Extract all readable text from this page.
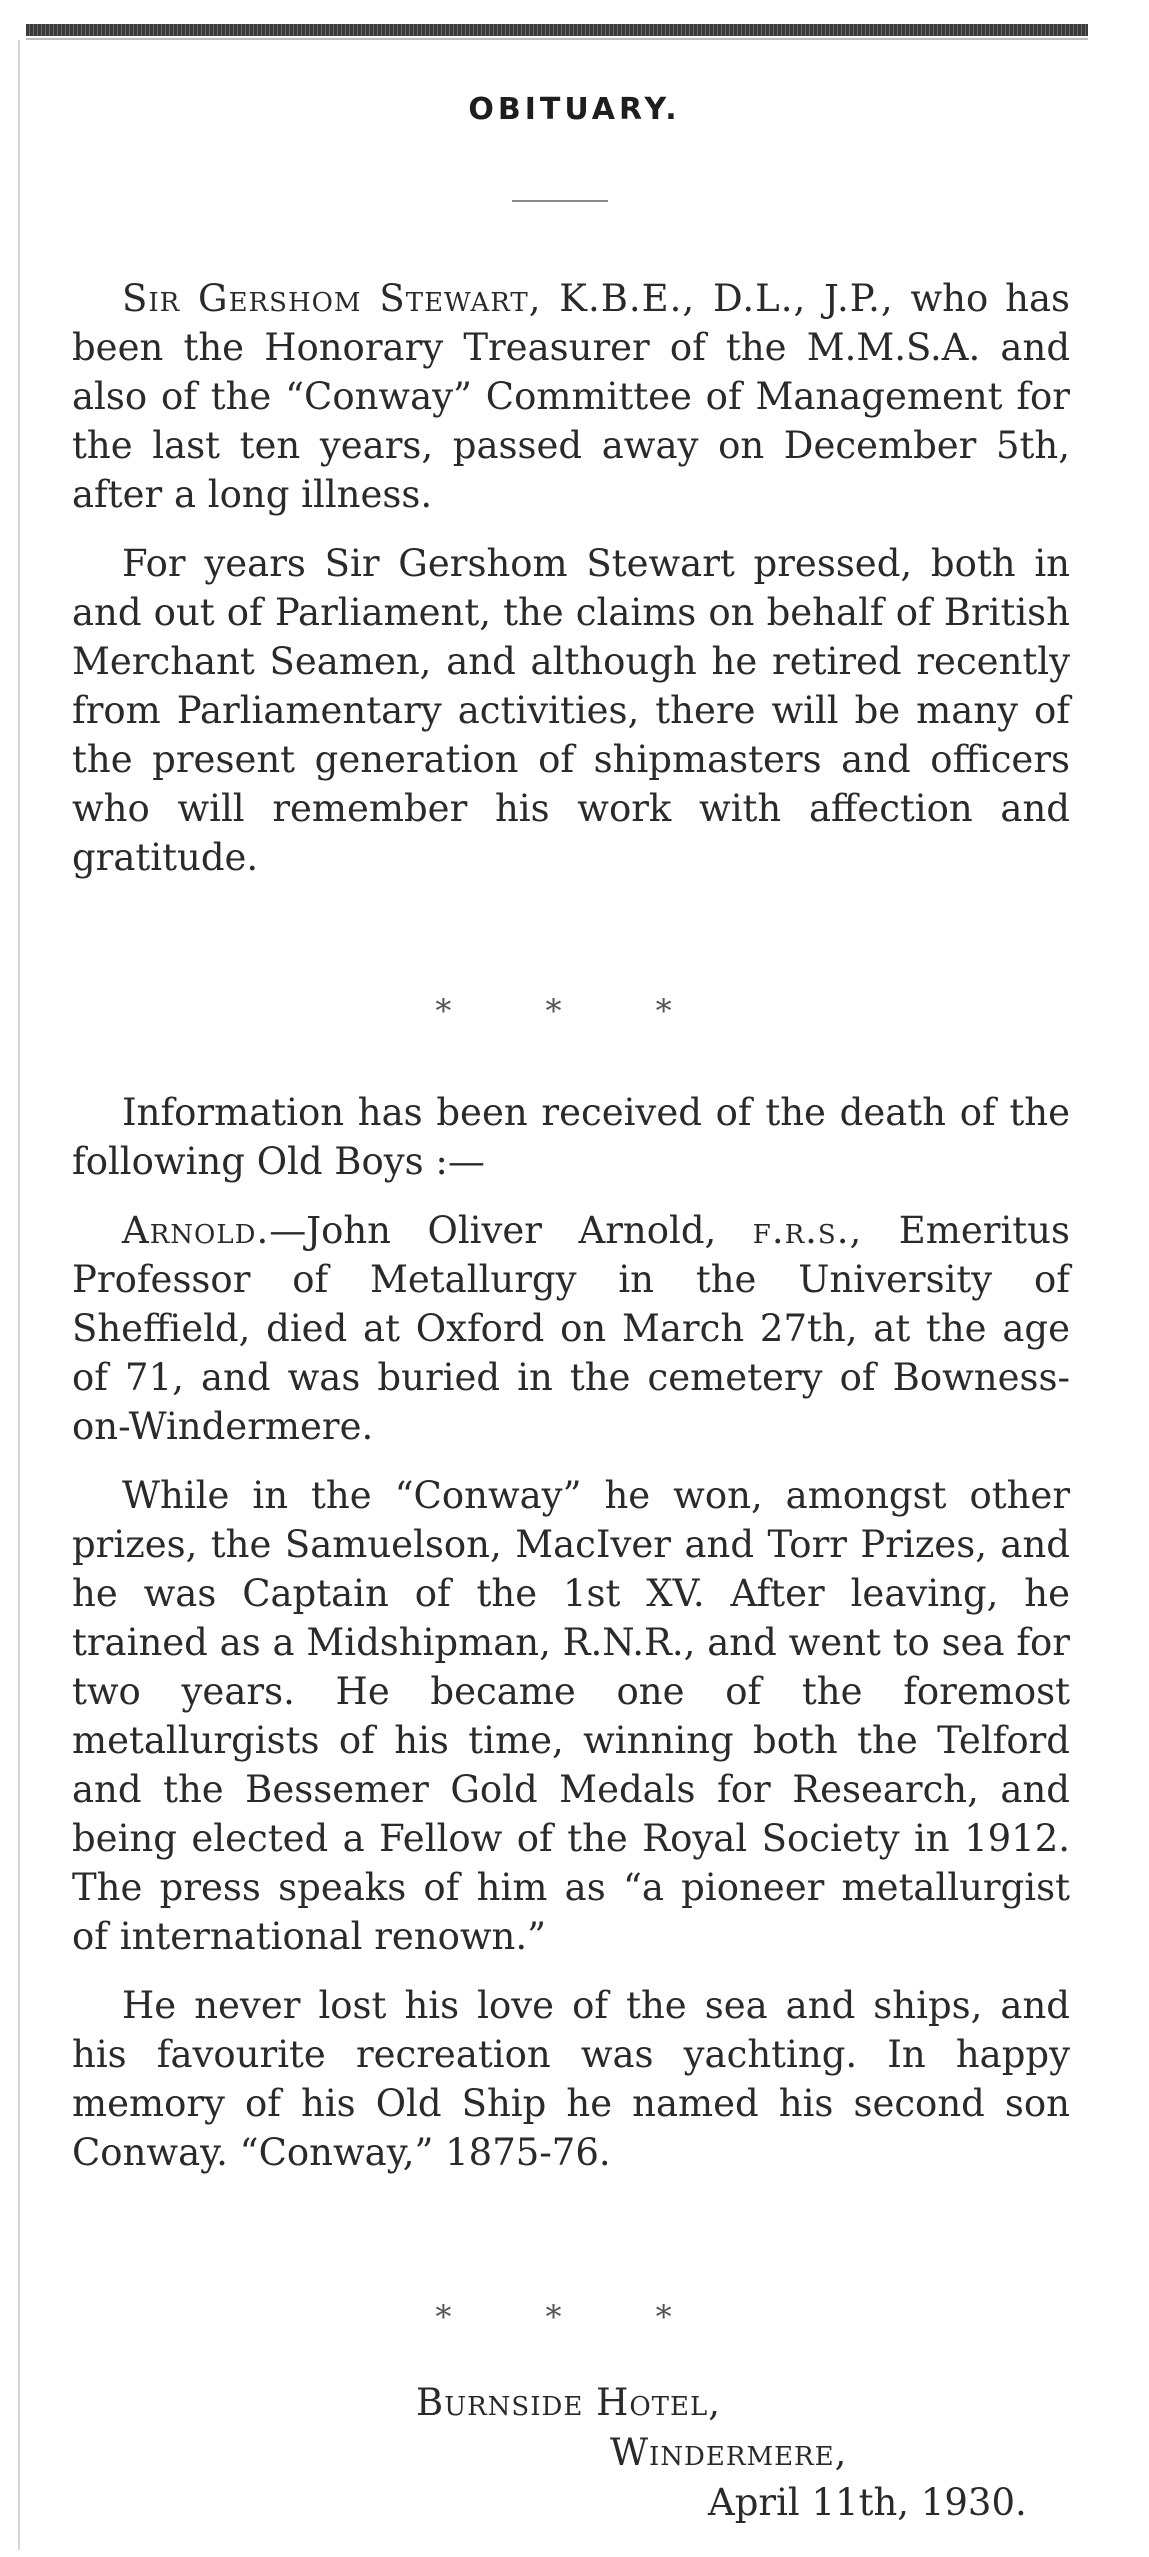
OBITUARY.

Sir Gershom Stewart, K.B.E., D.L., J.P., who has been the Honorary Treasurer of the M.M.S.A. and also of the “Conway” Committee of Management for the last ten years, passed away on December 5th, after a long illness.

For years Sir Gershom Stewart pressed, both in and out of Parliament, the claims on behalf of British Merchant Seamen, and although he retired recently from Parliamentary activities, there will be many of the present generation of shipmasters and officers who will remember his work with affection and gratitude.

* * *

Information has been received of the death of the following Old Boys :—

Arnold.—John Oliver Arnold, f.r.s., Emeritus Professor of Metallurgy in the University of Sheffield, died at Oxford on March 27th, at the age of 71, and was buried in the cemetery of Bowness-on-Windermere.

While in the “Conway” he won, amongst other prizes, the Samuelson, MacIver and Torr Prizes, and he was Captain of the 1st XV. After leaving, he trained as a Midshipman, R.N.R., and went to sea for two years. He became one of the foremost metallurgists of his time, winning both the Telford and the Bessemer Gold Medals for Research, and being elected a Fellow of the Royal Society in 1912. The press speaks of him as “a pioneer metallurgist of international renown.”

He never lost his love of the sea and ships, and his favourite recreation was yachting. In happy memory of his Old Ship he named his second son Conway. “Conway,” 1875-76.

* * *
Burnside Hotel,
Windermere,
April 11th, 1930.
